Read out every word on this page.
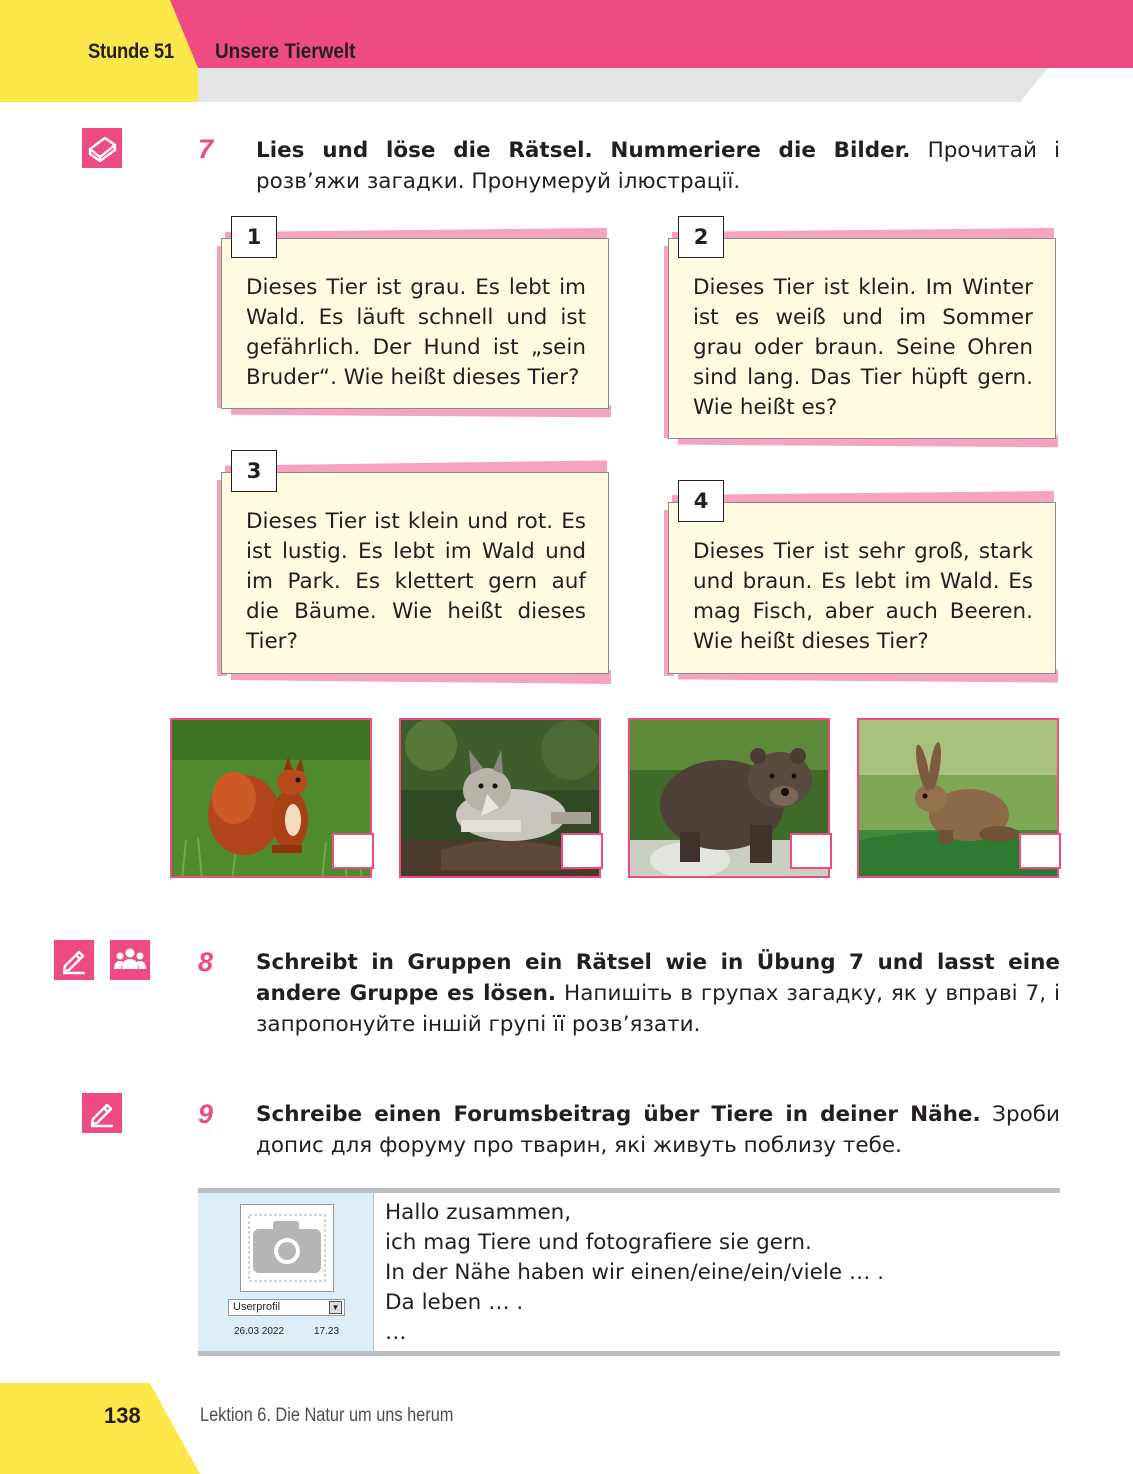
Stunde 51 Unsere Tierwelt
7 Lies und löse die Rätsel. Nummeriere die Bilder. Прочитай і розв’яжи загадки. Пронумеруй ілюстрації.
Dieses Tier ist grau. Es lebt im Wald. Es läuft schnell und ist gefährlich. Der Hund ist „sein Bruder“. Wie heißt dieses Tier?
1
Dieses Tier ist klein. Im Winter ist es weiß und im Sommer grau oder braun. Seine Ohren sind lang. Das Tier hüpft gern. Wie heißt es?
2
Dieses Tier ist klein und rot. Es ist lustig. Es lebt im Wald und im Park. Es klettert gern auf die Bäume. Wie heißt dieses Tier?
3
Dieses Tier ist sehr groß, stark und braun. Es lebt im Wald. Es mag Fisch, aber auch Beeren. Wie heißt dieses Tier?
4
8 Schreibt in Gruppen ein Rätsel wie in Übung 7 und lasst eine andere Gruppe es lösen. Напишіть в групах загадку, як у вправі 7, і запропонуйте іншій групі її розв’язати.
9 Schreibe einen Forumsbeitrag über Tiere in deiner Nähe. Зроби допис для форуму про тварин, які живуть поблизу тебе.
Userprofil	▼
26.03 2022	17.23
Hallo zusammen,
ich mag Tiere und fotografiere sie gern.
In der Nähe haben wir einen/eine/ein/viele … .
Da leben … .
…
138	Lektion 6. Die Natur um uns herum
